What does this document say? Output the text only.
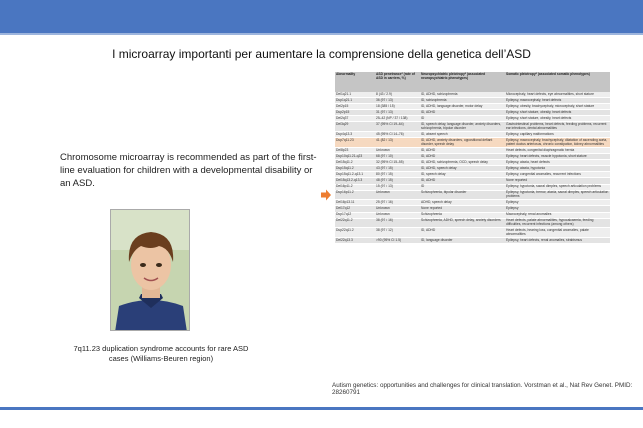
I microarray importanti per aumentare la comprensione della genetica dell’ASD
Chromosome microarray is recommended as part of the first-line evaluation for children with a developmental disability or an ASD.
7q11.23 duplication syndrome accounts for rare ASD cases (Williams-Beuren region)
Abnormality	ASD penetrance* (rate of ASD in carriers, %)	Neuropsychiatric pleiotropy* (associated neuropsychiatric phenotypes)	Somatic pleiotropy* (associated somatic phenotypes)
Del1q21.1	8 (43 / 2.9)	ID, ADHD, schizophrenia	Microcephaly, heart defects, eye abnormalities, short stature
Dup1q21.1	36 (97 / 13)	ID, schizophrenia	Epilepsy, macrocephaly, heart defects
Del2p15	18 (385 / 15)	ID, ADHD, language disorder, motor delay	Epilepsy, obesity, brachycephaly, microcephaly, short stature
Dup2p15	31 (97 / 13)	ID, ADHD	Epilepsy, short stature, obesity, heart defects
Del2q37	25–42 (NP / 37 / 138)	ID	Epilepsy, short stature, obesity, heart defects
Del3q29	37 (95% CI 19–64)	ID, speech delay, language disorder, anxiety disorders, schizophrenia, bipolar disorder	Gastrointestinal problems, heart defects, feeding problems, recurrent ear infections, dental abnormalities
Dup4q13.3	45 (95% CI 14–76)	ID, absent speech	Epilepsy, capillary malformations
Dup7q11.23	41 (82 / 13)	ID, ADHD, anxiety disorders, oppositional defiant disorder, speech delay	Epilepsy, macrocephaly, brachycephaly, dilatation of ascending aorta, patent ductus arteriosus, chronic constipation, kidney abnormalities
Del8p23	Unknown	ID, ADHD	Heart defects, congenital diaphragmatic hernia
Dup10q11.21-q23	68 (97 / 10)	ID, ADHD	Epilepsy, heart defects, muscle hypotonia, short stature
Del15q11.2	32 (95% CI 15–55)	ID, ADHD, schizophrenia, OCD, speech delay	Epilepsy, ataxia, heart defects
Dup15q11.2	43 (97 / 15)	ID, ADHD, speech delay	Epilepsy, ataxia, hypotonia
Dup15q11.2-q13.1	80 (97 / 15)	ID, speech delay	Epilepsy, congenital anomalies, recurrent infections
Del15q13.2-q13.3	48 (97 / 15)	ID, ADHD	None reported
Del16p11.2	15 (97 / 13)	ID	Epilepsy, hypotonia, sacral dimples, speech articulation problems
Dup16p11.2	Unknown	Schizophrenia, bipolar disorder	Epilepsy, hypotonia, tremor, ataxia, sacral dimples, speech articulation problems
Del16p13.11	25 (97 / 16)	ADHD, speech delay	Epilepsy
Del17q12	Unknown	None reported	Epilepsy
Dup17q12	Unknown	Schizophrenia	Macrocephaly, renal anomalies
Del22q11.2	38 (97 / 16)	Schizophrenia, ADHD, speech delay, anxiety disorders	Heart defects, palate abnormalities, hypocalcaemia, feeding difficulties, recurrent infections (among others)
Dup22q11.2	38 (97 / 12)	ID, ADHD	Heart defects, hearing loss, congenital anomalies, palate abnormalities
Del22q13.3	>90 (95% CI 1.5)	ID, language disorder	Epilepsy, heart defects, renal anomalies, strabismus
Autism genetics: opportunities and challenges for clinical translation. Vorstman et al., Nat Rev Genet. PMID: 28260791
